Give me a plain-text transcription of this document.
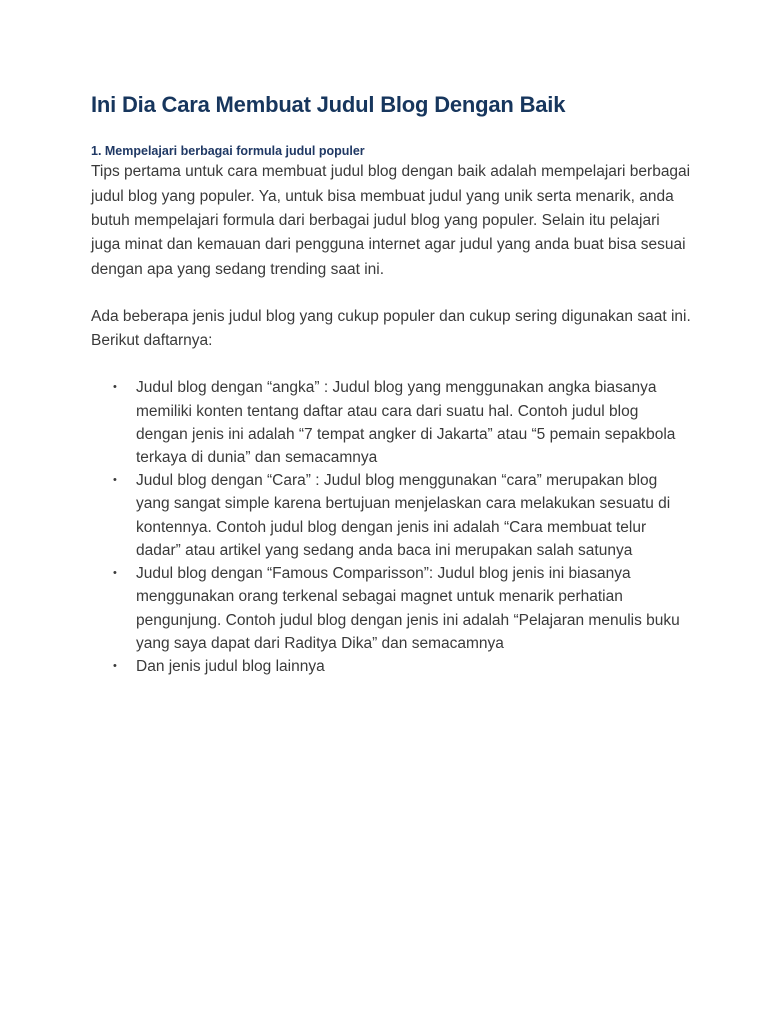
Ini Dia Cara Membuat Judul Blog Dengan Baik
1. Mempelajari berbagai formula judul populer

Tips pertama untuk cara membuat judul blog dengan baik adalah mempelajari berbagai judul blog yang populer. Ya, untuk bisa membuat judul yang unik serta menarik, anda butuh mempelajari formula dari berbagai judul blog yang populer. Selain itu pelajari juga minat dan kemauan dari pengguna internet agar judul yang anda buat bisa sesuai dengan apa yang sedang trending saat ini.

Ada beberapa jenis judul blog yang cukup populer dan cukup sering digunakan saat ini. Berikut daftarnya:

• Judul blog dengan “angka” : Judul blog yang menggunakan angka biasanya memiliki konten tentang daftar atau cara dari suatu hal. Contoh judul blog dengan jenis ini adalah “7 tempat angker di Jakarta” atau “5 pemain sepakbola terkaya di dunia” dan semacamnya
• Judul blog dengan “Cara” : Judul blog menggunakan “cara” merupakan blog yang sangat simple karena bertujuan menjelaskan cara melakukan sesuatu di kontennya. Contoh judul blog dengan jenis ini adalah “Cara membuat telur dadar” atau artikel yang sedang anda baca ini merupakan salah satunya
• Judul blog dengan “Famous Comparisson”: Judul blog jenis ini biasanya menggunakan orang terkenal sebagai magnet untuk menarik perhatian pengunjung. Contoh judul blog dengan jenis ini adalah “Pelajaran menulis buku yang saya dapat dari Raditya Dika” dan semacamnya
• Dan jenis judul blog lainnya
